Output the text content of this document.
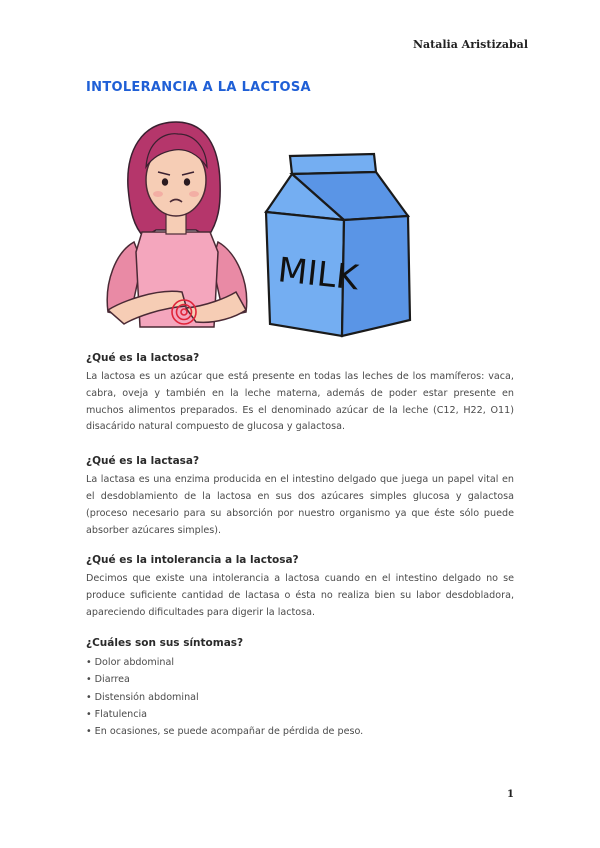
Natalia Aristizabal
INTOLERANCIA A LA LACTOSA
MILK
¿Qué es la lactosa?

La lactosa es un azúcar que está presente en todas las leches de los mamíferos: vaca, cabra, oveja y también en la leche materna, además de poder estar presente en muchos alimentos preparados. Es el denominado azúcar de la leche (C12, H22, O11) disacárido natural compuesto de glucosa y galactosa.

¿Qué es la lactasa?

La lactasa es una enzima producida en el intestino delgado que juega un papel vital en el desdoblamiento de la lactosa en sus dos azúcares simples glucosa y galactosa (proceso necesario para su absorción por nuestro organismo ya que éste sólo puede absorber azúcares simples).

¿Qué es la intolerancia a la lactosa?

Decimos que existe una intolerancia a lactosa cuando en el intestino delgado no se produce suficiente cantidad de lactasa o ésta no realiza bien su labor desdobladora, apareciendo dificultades para digerir la lactosa.

¿Cuáles son sus síntomas?
• Dolor abdominal
• Diarrea
• Distensión abdominal
• Flatulencia
• En ocasiones, se puede acompañar de pérdida de peso.
1
